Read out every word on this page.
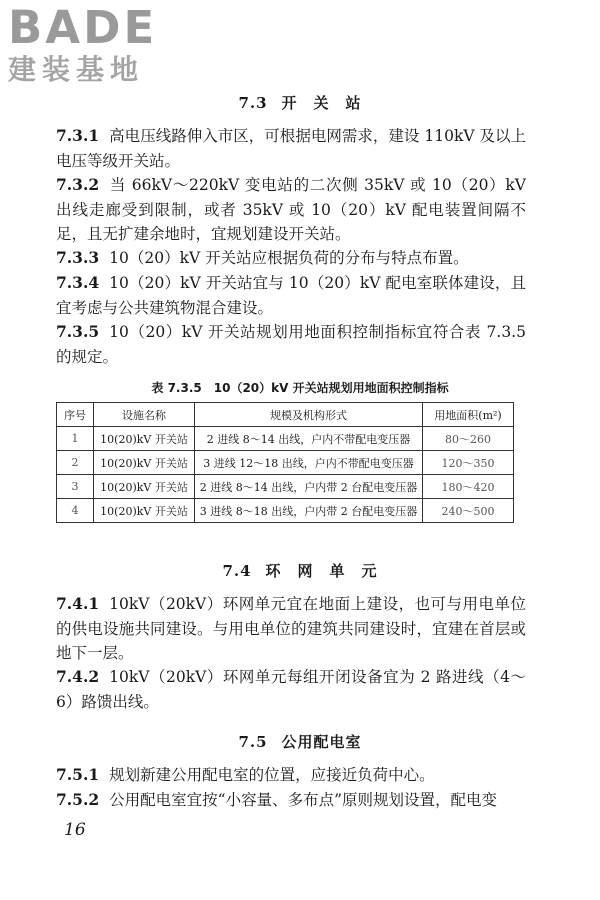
BADE
建装基地
7.3 开　关　站
7.3.1 高电压线路伸入市区，可根据电网需求，建设 110kV 及以上电压等级开关站。
7.3.2 当 66kV～220kV 变电站的二次侧 35kV 或 10（20）kV 出线走廊受到限制，或者 35kV 或 10（20）kV 配电装置间隔不足，且无扩建余地时，宜规划建设开关站。
7.3.3 10（20）kV 开关站应根据负荷的分布与特点布置。
7.3.4 10（20）kV 开关站宜与 10（20）kV 配电室联体建设，且宜考虑与公共建筑物混合建设。
7.3.5 10（20）kV 开关站规划用地面积控制指标宜符合表 7.3.5 的规定。
表 7.3.5 10（20）kV 开关站规划用地面积控制指标
序号	设施名称	规模及机构形式	用地面积(m²)
1	10(20)kV 开关站	2 进线 8～14 出线，户内不带配电变压器	80～260
2	10(20)kV 开关站	3 进线 12～18 出线，户内不带配电变压器	120～350
3	10(20)kV 开关站	2 进线 8～14 出线，户内带 2 台配电变压器	180～420
4	10(20)kV 开关站	3 进线 8～18 出线，户内带 2 台配电变压器	240～500
7.4 环　网　单　元
7.4.1 10kV（20kV）环网单元宜在地面上建设，也可与用电单位的供电设施共同建设。与用电单位的建筑共同建设时，宜建在首层或地下一层。
7.4.2 10kV（20kV）环网单元每组开闭设备宜为 2 路进线（4～6）路馈出线。
7.5 公用配电室
7.5.1 规划新建公用配电室的位置，应接近负荷中心。
7.5.2 公用配电室宜按“小容量、多布点”原则规划设置，配电变
16
